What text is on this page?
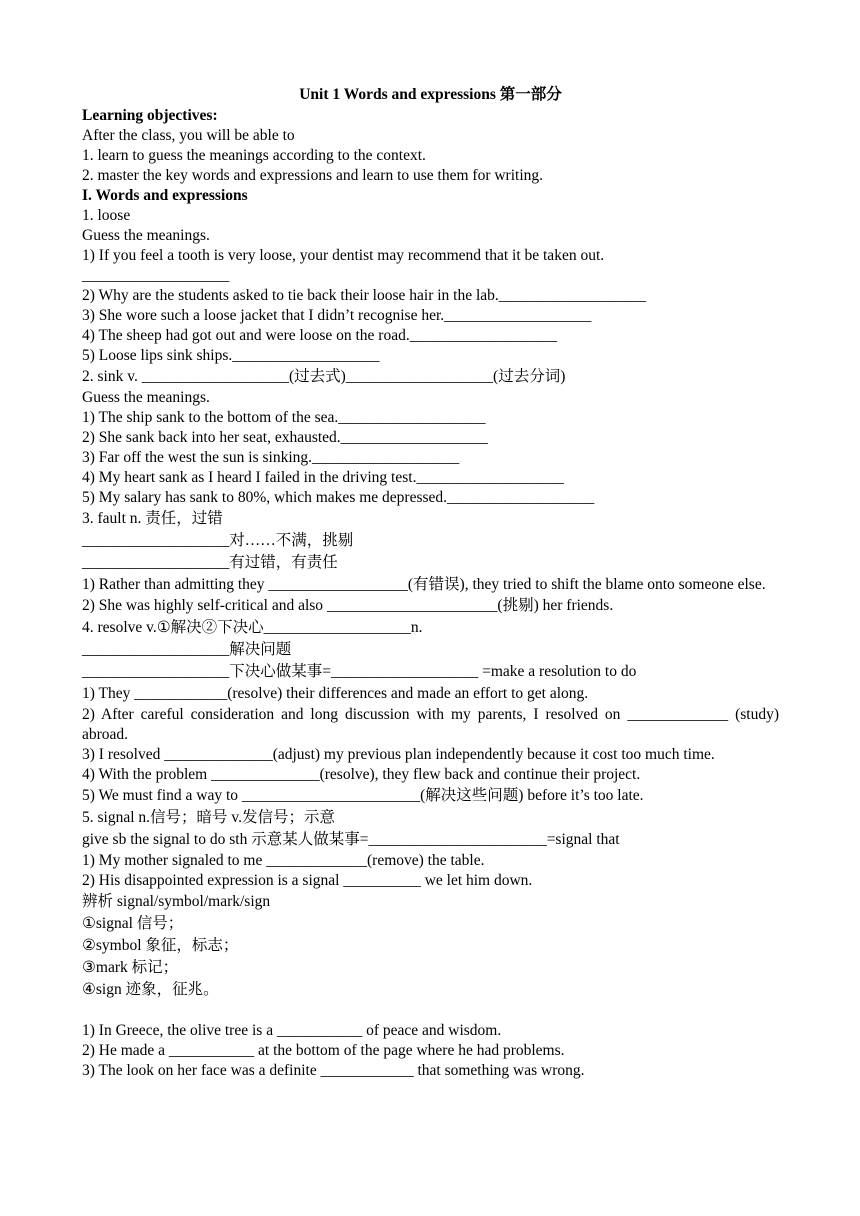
Unit 1 Words and expressions 第一部分
Learning objectives:
After the class, you will be able to
1. learn to guess the meanings according to the context.
2. master the key words and expressions and learn to use them for writing.
I. Words and expressions
1. loose
Guess the meanings.
1) If you feel a tooth is very loose, your dentist may recommend that it be taken out.
___________________
2) Why are the students asked to tie back their loose hair in the lab.___________________
3) She wore such a loose jacket that I didn’t recognise her.___________________
4) The sheep had got out and were loose on the road.___________________
5) Loose lips sink ships.___________________
2. sink v. ___________________(过去式)___________________(过去分词)
Guess the meanings.
1) The ship sank to the bottom of the sea.___________________
2) She sank back into her seat, exhausted.___________________
3) Far off the west the sun is sinking.___________________
4) My heart sank as I heard I failed in the driving test.___________________
5) My salary has sank to 80%, which makes me depressed.___________________
3. fault n. 责任，过错
___________________对……不满，挑剔
___________________有过错，有责任
1) Rather than admitting they __________________(有错误), they tried to shift the blame onto someone else.
2) She was highly self-critical and also ______________________(挑剔) her friends.
4. resolve v.①解决②下决心___________________n.
___________________解决问题
___________________下决心做某事=___________________ =make a resolution to do
1) They ____________(resolve) their differences and made an effort to get along.
2) After careful consideration and long discussion with my parents, I resolved on _____________ (study) abroad.
3) I resolved ______________(adjust) my previous plan independently because it cost too much time.
4) With the problem ______________(resolve), they flew back and continue their project.
5) We must find a way to _______________________(解决这些问题) before it’s too late.
5. signal n.信号；暗号 v.发信号；示意
give sb the signal to do sth 示意某人做某事=_______________________=signal that
1) My mother signaled to me _____________(remove) the table.
2) His disappointed expression is a signal __________ we let him down.
辨析 signal/symbol/mark/sign
①signal 信号；
②symbol 象征，标志；
③mark 标记；
④sign 迹象，征兆。
1) In Greece, the olive tree is a ___________ of peace and wisdom.
2) He made a ___________ at the bottom of the page where he had problems.
3) The look on her face was a definite ____________ that something was wrong.
